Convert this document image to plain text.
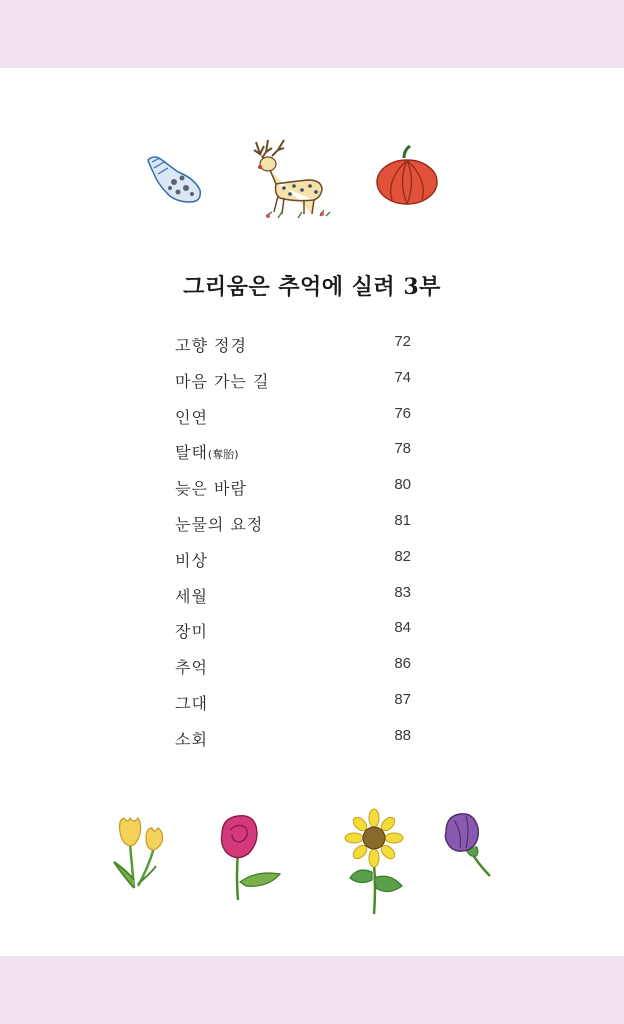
그리움은 추억에 실려 3부
고향 정경	72
마음 가는 길	74
인연	76
탈태(奪胎)	78
늦은 바람	80
눈물의 요정	81
비상	82
세월	83
장미	84
추억	86
그대	87
소회	88
